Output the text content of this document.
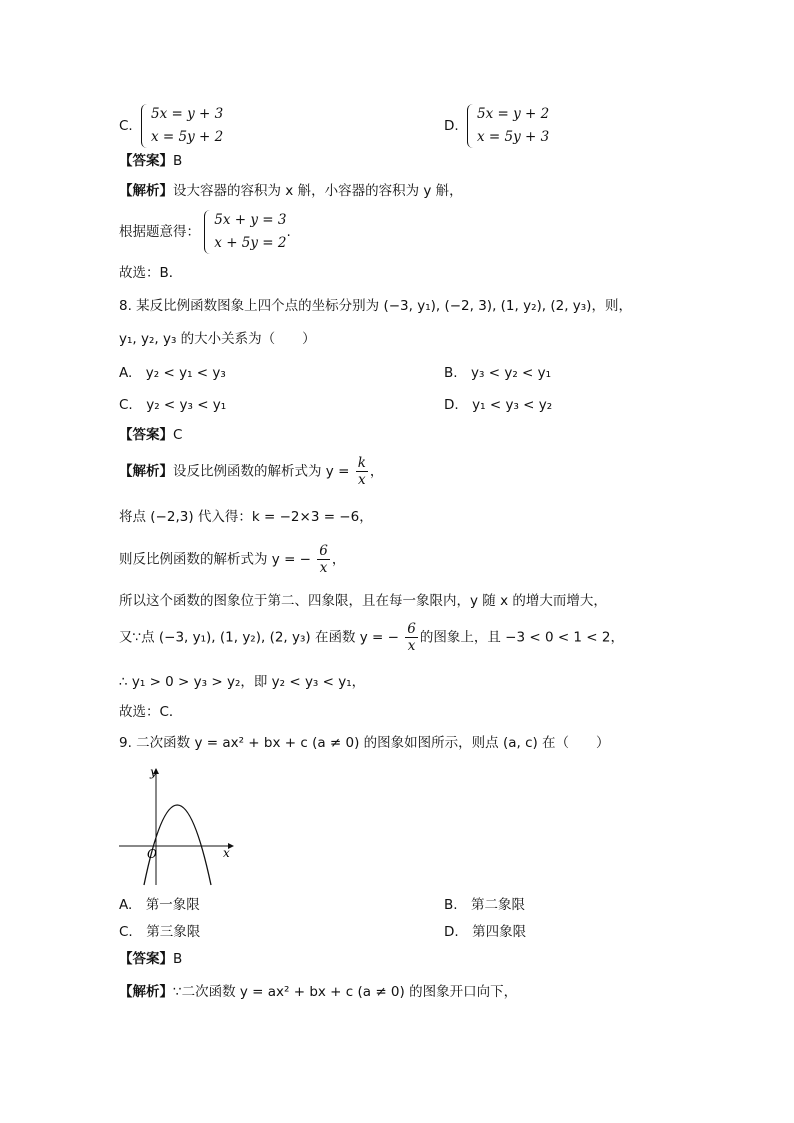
C.
5x = y + 3
x = 5y + 2
D.
5x = y + 2
x = 5y + 3
【答案】B
【解析】设大容器的容积为 x 斛，小容器的容积为 y 斛，
根据题意得：
5x + y = 3
x + 5y = 2
.
故选：B．
8. 某反比例函数图象上四个点的坐标分别为 (−3, y₁), (−2, 3), (1, y₂), (2, y₃)，则，
y₁, y₂, y₃ 的大小关系为（　　）
A.　y₂ < y₁ < y₃	B.　y₃ < y₂ < y₁
C.　y₂ < y₃ < y₁	D.　y₁ < y₃ < y₂
【答案】C
【解析】设反比例函数的解析式为 $y = \frac{k}{x}$ ，
将点 (−2,3) 代入得：k = −2×3 = −6，
则反比例函数的解析式为 y = − $\frac{6}{x}$ ，
所以这个函数的图象位于第二、四象限，且在每一象限内，y 随 x 的增大而增大，
又∵点 (−3, y₁), (1, y₂), (2, y₃) 在函数 y = − $\frac{6}{x}$ 的图象上，且 −3 < 0 < 1 < 2，
∴ y₁ > 0 > y₃ > y₂，即 y₂ < y₃ < y₁，
故选：C．
9. 二次函数 y = ax² + bx + c (a ≠ 0) 的图象如图所示，则点 (a, c) 在（　　）
y
x
O
A.　第一象限	B.　第二象限
C.　第三象限	D.　第四象限
【答案】B
【解析】∵二次函数 y = ax² + bx + c (a ≠ 0) 的图象开口向下，
